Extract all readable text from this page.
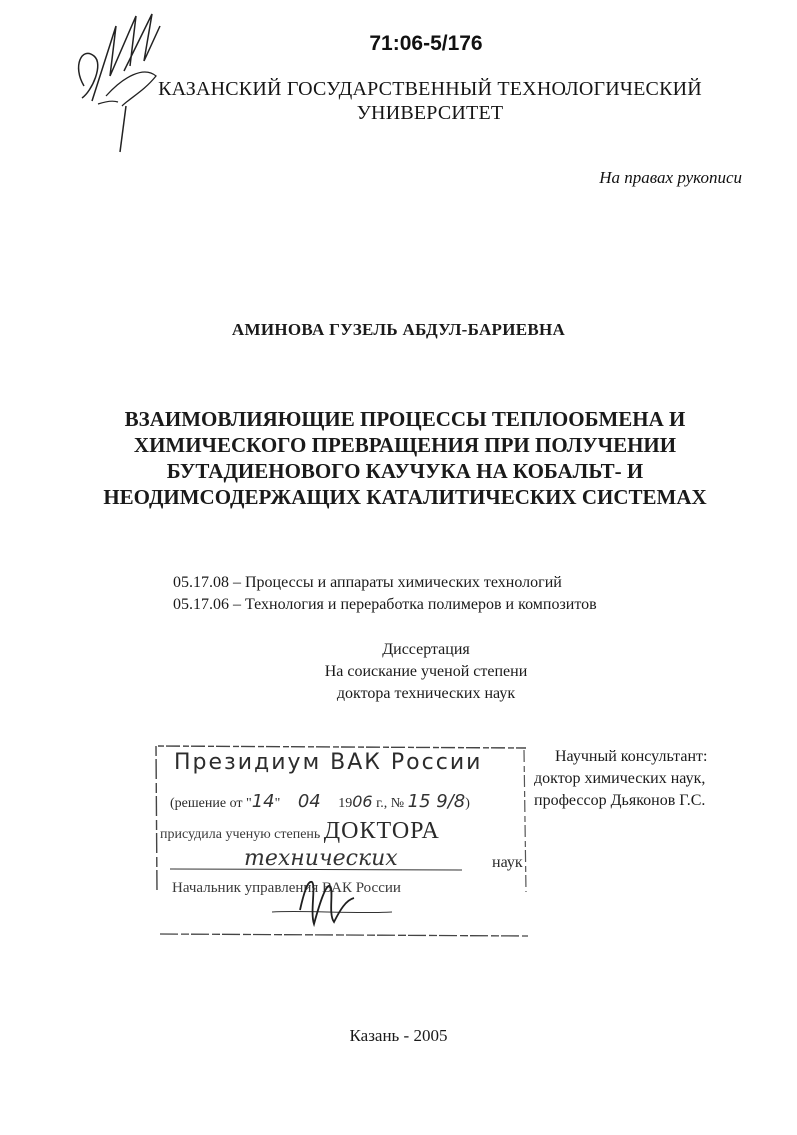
71:06-5/176
КАЗАНСКИЙ ГОСУДАРСТВЕННЫЙ ТЕХНОЛОГИЧЕСКИЙ
УНИВЕРСИТЕТ
На правах рукописи
АМИНОВА ГУЗЕЛЬ АБДУЛ-БАРИЕВНА
ВЗАИМОВЛИЯЮЩИЕ ПРОЦЕССЫ ТЕПЛООБМЕНА И
ХИМИЧЕСКОГО ПРЕВРАЩЕНИЯ ПРИ ПОЛУЧЕНИИ
БУТАДИЕНОВОГО КАУЧУКА НА КОБАЛЬТ- И
НЕОДИМСОДЕРЖАЩИХ КАТАЛИТИЧЕСКИХ СИСТЕМАХ
05.17.08 – Процессы и аппараты химических технологий
05.17.06 – Технология и переработка полимеров и композитов
Диссертация
На соискание ученой степени
доктора технических наук
Научный консультант:
доктор химических наук,
профессор Дьяконов Г.С.
Президиум ВАК России
(решение от "14" 04 1906 г., № 15 9/8)
присудила ученую степень ДОКТОРА
технических	наук
Начальник управления ВАК России
Казань - 2005
